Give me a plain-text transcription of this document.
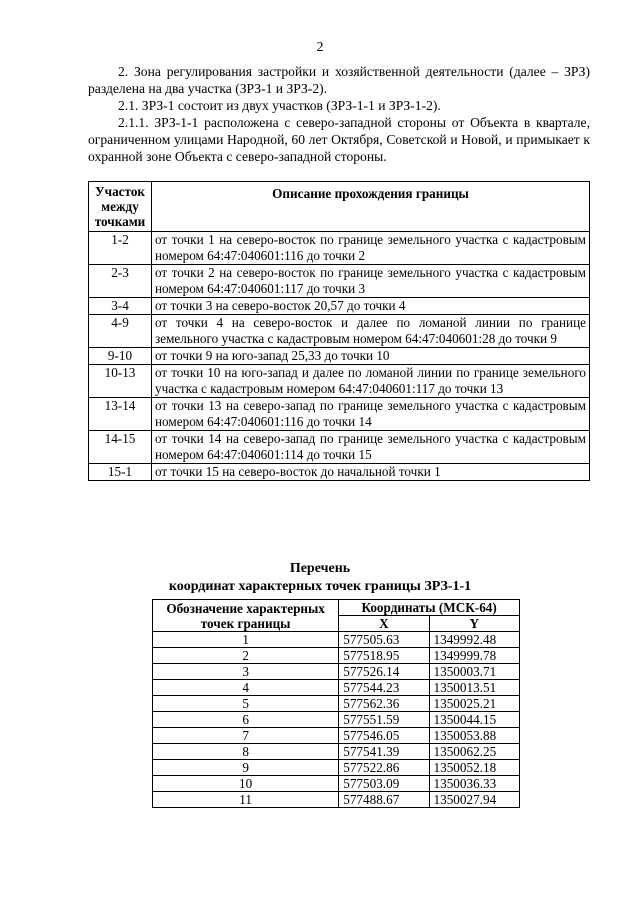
2

2. Зона регулирования застройки и хозяйственной деятельности (далее – ЗРЗ) разделена на два участка (ЗРЗ-1 и ЗРЗ-2).

2.1. ЗРЗ-1 состоит из двух участков (ЗРЗ-1-1 и ЗРЗ-1-2).

2.1.1. ЗРЗ-1-1 расположена с северо-западной стороны от Объекта в квартале, ограниченном улицами Народной, 60 лет Октября, Советской и Новой, и примыкает к охранной зоне Объекта с северо-западной стороны.

Участок между точками	Описание прохождения границы
1-2	от точки 1 на северо-восток по границе земельного участка с кадастровым номером 64:47:040601:116 до точки 2
2-3	от точки 2 на северо-восток по границе земельного участка с кадастровым номером 64:47:040601:117 до точки 3
3-4	от точки 3 на северо-восток 20,57 до точки 4
4-9	от точки 4 на северо-восток и далее по ломаной линии по границе земельного участка с кадастровым номером 64:47:040601:28 до точки 9
9-10	от точки 9 на юго-запад 25,33 до точки 10
10-13	от точки 10 на юго-запад и далее по ломаной линии по границе земельного участка с кадастровым номером 64:47:040601:117 до точки 13
13-14	от точки 13 на северо-запад по границе земельного участка с кадастровым номером 64:47:040601:116 до точки 14
14-15	от точки 14 на северо-запад по границе земельного участка с кадастровым номером 64:47:040601:114 до точки 15
15-1	от точки 15 на северо-восток до начальной точки 1
Перечень
координат характерных точек границы ЗРЗ-1-1
Обозначение характерных точек границы	Координаты (МСК-64)	
	X	Y
1	577505.63	1349992.48
2	577518.95	1349999.78
3	577526.14	1350003.71
4	577544.23	1350013.51
5	577562.36	1350025.21
6	577551.59	1350044.15
7	577546.05	1350053.88
8	577541.39	1350062.25
9	577522.86	1350052.18
10	577503.09	1350036.33
11	577488.67	1350027.94
